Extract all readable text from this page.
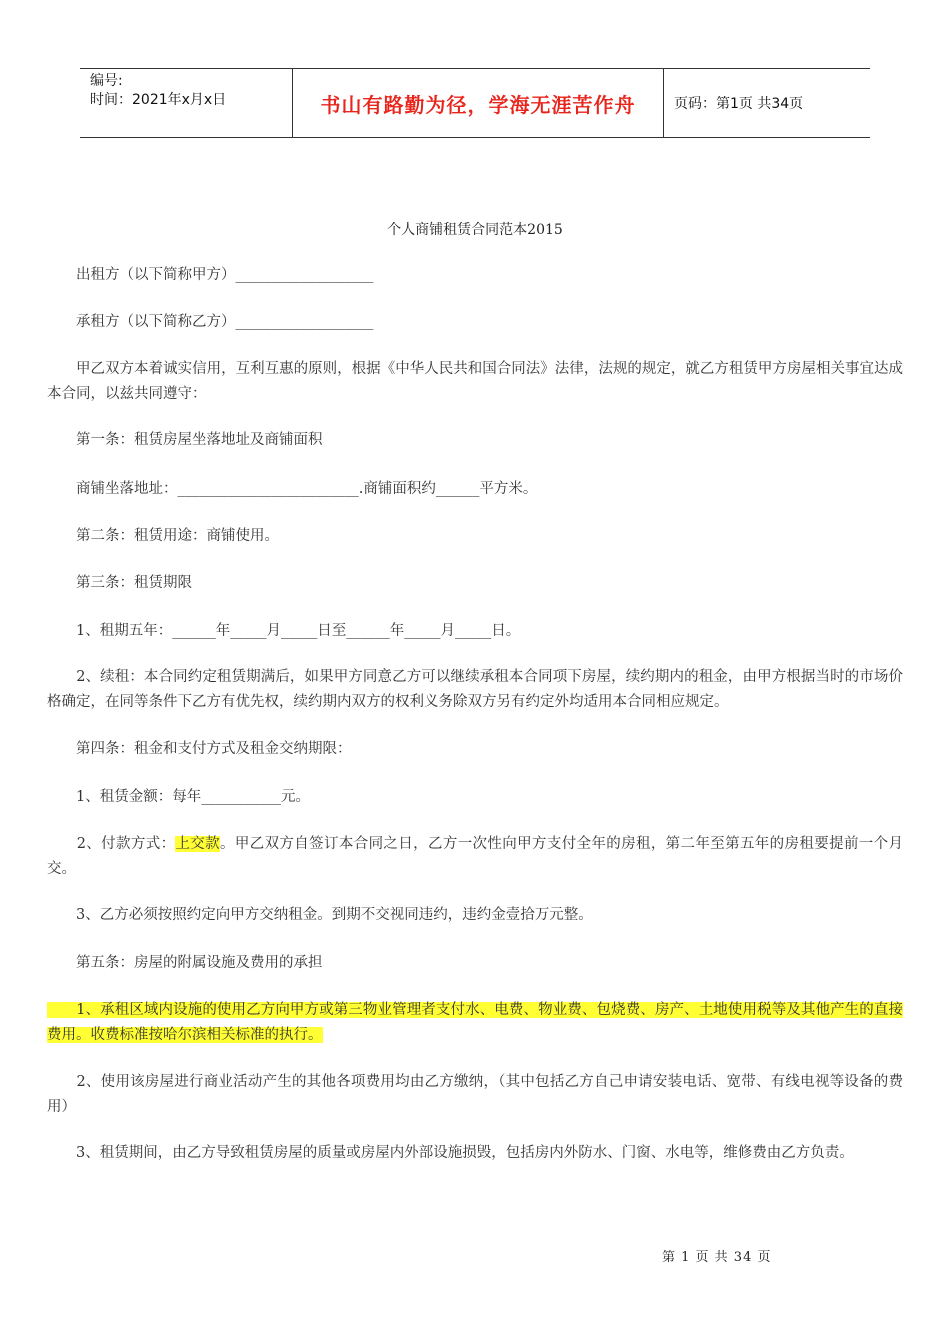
编号:
时间：2021年x月x日	书山有路勤为径，学海无涯苦作舟	页码：第1页 共34页
个人商铺租赁合同范本2015

　　出租方（以下简称甲方）___________________

　　承租方（以下简称乙方）___________________

　　甲乙双方本着诚实信用，互利互惠的原则，根据《中华人民共和国合同法》法律，法规的规定，就乙方租赁甲方房屋相关事宜达成本合同，以兹共同遵守：

　　第一条：租赁房屋坐落地址及商铺面积

　　商铺坐落地址：_________________________.商铺面积约______平方米。

　　第二条：租赁用途：商铺使用。

　　第三条：租赁期限

　　1、租期五年：______年_____月_____日至______年_____月_____日。

　　2、续租：本合同约定租赁期满后，如果甲方同意乙方可以继续承租本合同项下房屋，续约期内的租金，由甲方根据当时的市场价格确定，在同等条件下乙方有优先权，续约期内双方的权利义务除双方另有约定外均适用本合同相应规定。

　　第四条：租金和支付方式及租金交纳期限：

　　1、租赁金额：每年___________元。

　　2、付款方式：上交款。甲乙双方自签订本合同之日，乙方一次性向甲方支付全年的房租，第二年至第五年的房租要提前一个月交。

　　3、乙方必须按照约定向甲方交纳租金。到期不交视同违约，违约金壹拾万元整。

　　第五条：房屋的附属设施及费用的承担

　　1、承租区域内设施的使用乙方向甲方或第三物业管理者支付水、电费、物业费、包烧费、房产、土地使用税等及其他产生的直接费用。收费标准按哈尔滨相关标准的执行。

　　2、使用该房屋进行商业活动产生的其他各项费用均由乙方缴纳，（其中包括乙方自己申请安装电话、宽带、有线电视等设备的费用）

　　3、租赁期间，由乙方导致租赁房屋的质量或房屋内外部设施损毁，包括房内外防水、门窗、水电等，维修费由乙方负责。

第 1 页 共 34 页
